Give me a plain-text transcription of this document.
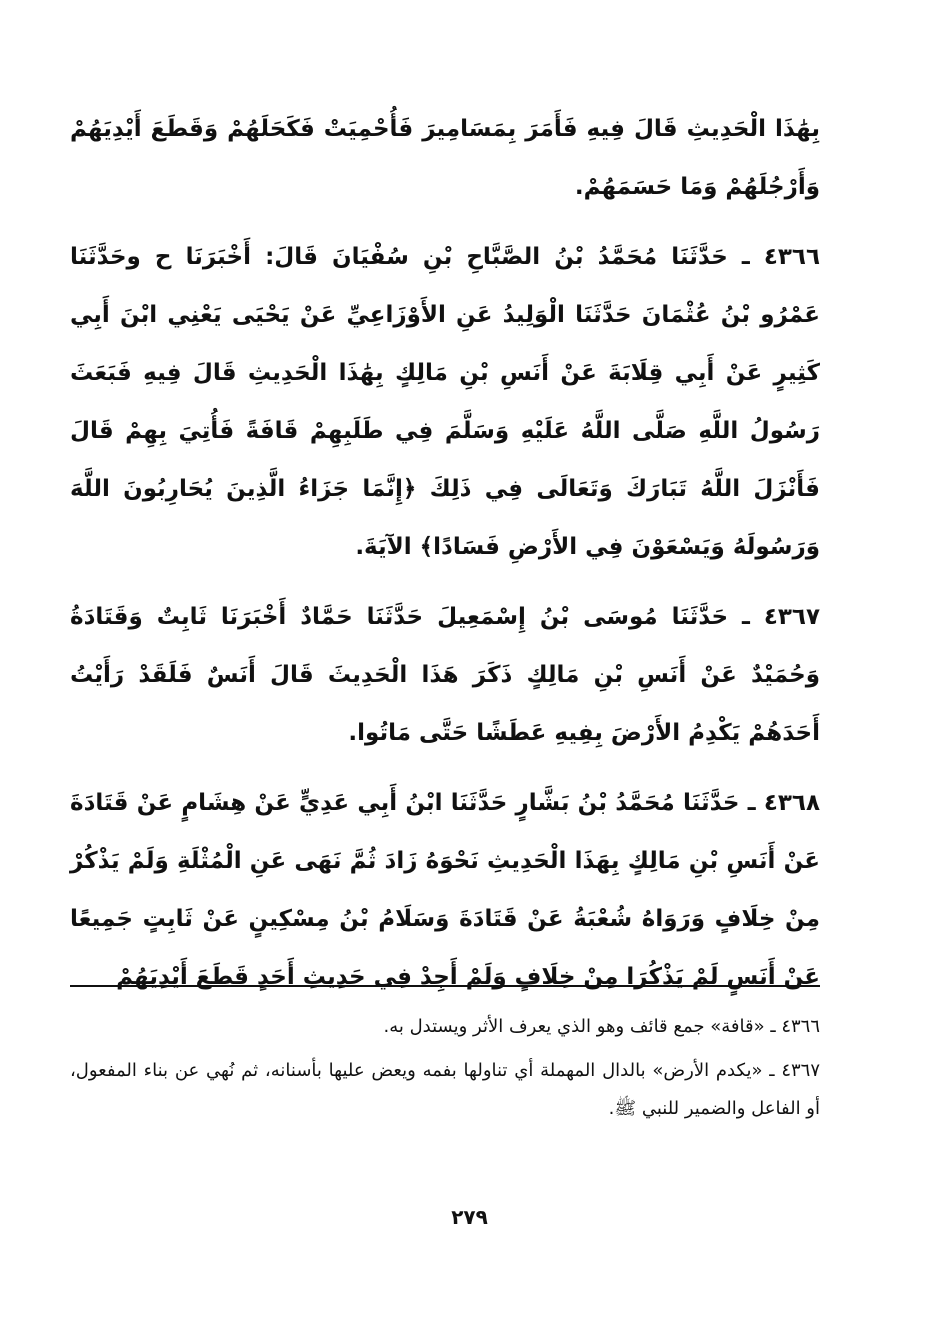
بِهَٰذَا الْحَدِيثِ قَالَ فِيهِ فَأَمَرَ بِمَسَامِيرَ فَأُحْمِيَتْ فَكَحَلَهُمْ وَقَطَعَ أَيْدِيَهُمْ وَأَرْجُلَهُمْ وَمَا حَسَمَهُمْ.

٤٣٦٦ ـ حَدَّثَنَا مُحَمَّدُ بْنُ الصَّبَّاحِ بْنِ سُفْيَانَ قَالَ: أَخْبَرَنَا ح وحَدَّثَنَا عَمْرُو بْنُ عُثْمَانَ حَدَّثَنَا الْوَلِيدُ عَنِ الأَوْزَاعِيِّ عَنْ يَحْيَى يَعْنِي ابْنَ أَبِي كَثِيرٍ عَنْ أَبِي قِلَابَةَ عَنْ أَنَسِ بْنِ مَالِكٍ بِهَٰذَا الْحَدِيثِ قَالَ فِيهِ فَبَعَثَ رَسُولُ اللَّهِ صَلَّى اللَّهُ عَلَيْهِ وَسَلَّمَ فِي طَلَبِهِمْ قَافَةً فَأُتِيَ بِهِمْ قَالَ فَأَنْزَلَ اللَّهُ تَبَارَكَ وَتَعَالَى فِي ذَلِكَ ﴿إِنَّمَا جَزَاءُ الَّذِينَ يُحَارِبُونَ اللَّهَ وَرَسُولَهُ وَيَسْعَوْنَ فِي الأَرْضِ فَسَادًا﴾ الآيَةَ.

٤٣٦٧ ـ حَدَّثَنَا مُوسَى بْنُ إِسْمَعِيلَ حَدَّثَنَا حَمَّادٌ أَخْبَرَنَا ثَابِتٌ وَقَتَادَةُ وَحُمَيْدٌ عَنْ أَنَسِ بْنِ مَالِكٍ ذَكَرَ هَذَا الْحَدِيثَ قَالَ أَنَسٌ فَلَقَدْ رَأَيْتُ أَحَدَهُمْ يَكْدِمُ الأَرْضَ بِفِيهِ عَطَشًا حَتَّى مَاتُوا.

٤٣٦٨ ـ حَدَّثَنَا مُحَمَّدُ بْنُ بَشَّارٍ حَدَّثَنَا ابْنُ أَبِي عَدِيٍّ عَنْ هِشَامٍ عَنْ قَتَادَةَ عَنْ أَنَسِ بْنِ مَالِكٍ بِهَذَا الْحَدِيثِ نَحْوَهُ زَادَ ثُمَّ نَهَى عَنِ الْمُثْلَةِ وَلَمْ يَذْكُرْ مِنْ خِلَافٍ وَرَوَاهُ شُعْبَةُ عَنْ قَتَادَةَ وَسَلَامُ بْنُ مِسْكِينٍ عَنْ ثَابِتٍ جَمِيعًا عَنْ أَنَسٍ لَمْ يَذْكُرَا مِنْ خِلَافٍ وَلَمْ أَجِدْ فِي حَدِيثِ أَحَدٍ قَطَعَ أَيْدِيَهُمْ

٤٣٦٦ ـ «قافة» جمع قائف وهو الذي يعرف الأثر ويستدل به.

٤٣٦٧ ـ «يكدم الأرض» بالدال المهملة أي تناولها بفمه ويعض عليها بأسنانه، ثم نُهي عن بناء المفعول، أو الفاعل والضمير للنبي ﷺ.

٢٧٩
